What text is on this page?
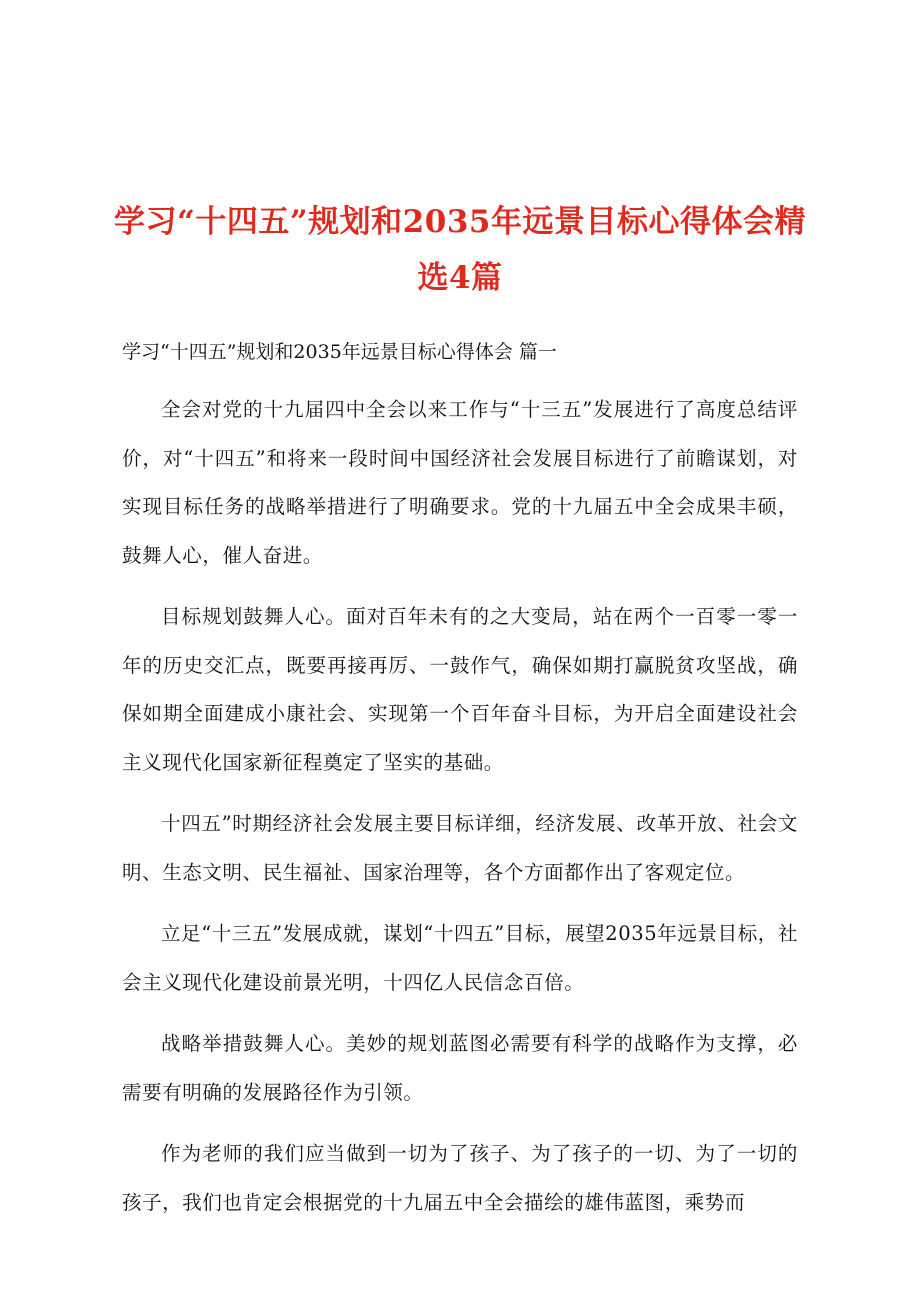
学习“十四五”规划和2035年远景目标心得体会精选4篇
学习“十四五”规划和2035年远景目标心得体会 篇一

全会对党的十九届四中全会以来工作与“十三五”发展进行了高度总结评价，对“十四五”和将来一段时间中国经济社会发展目标进行了前瞻谋划，对实现目标任务的战略举措进行了明确要求。党的十九届五中全会成果丰硕，鼓舞人心，催人奋进。

目标规划鼓舞人心。面对百年未有的之大变局，站在两个一百零一零一年的历史交汇点，既要再接再厉、一鼓作气，确保如期打赢脱贫攻坚战，确保如期全面建成小康社会、实现第一个百年奋斗目标，为开启全面建设社会主义现代化国家新征程奠定了坚实的基础。

十四五”时期经济社会发展主要目标详细，经济发展、改革开放、社会文明、生态文明、民生福祉、国家治理等，各个方面都作出了客观定位。

立足“十三五”发展成就，谋划“十四五”目标，展望2035年远景目标，社会主义现代化建设前景光明，十四亿人民信念百倍。

战略举措鼓舞人心。美妙的规划蓝图必需要有科学的战略作为支撑，必需要有明确的发展路径作为引领。

作为老师的我们应当做到一切为了孩子、为了孩子的一切、为了一切的孩子，我们也肯定会根据党的十九届五中全会描绘的雄伟蓝图，乘势而
